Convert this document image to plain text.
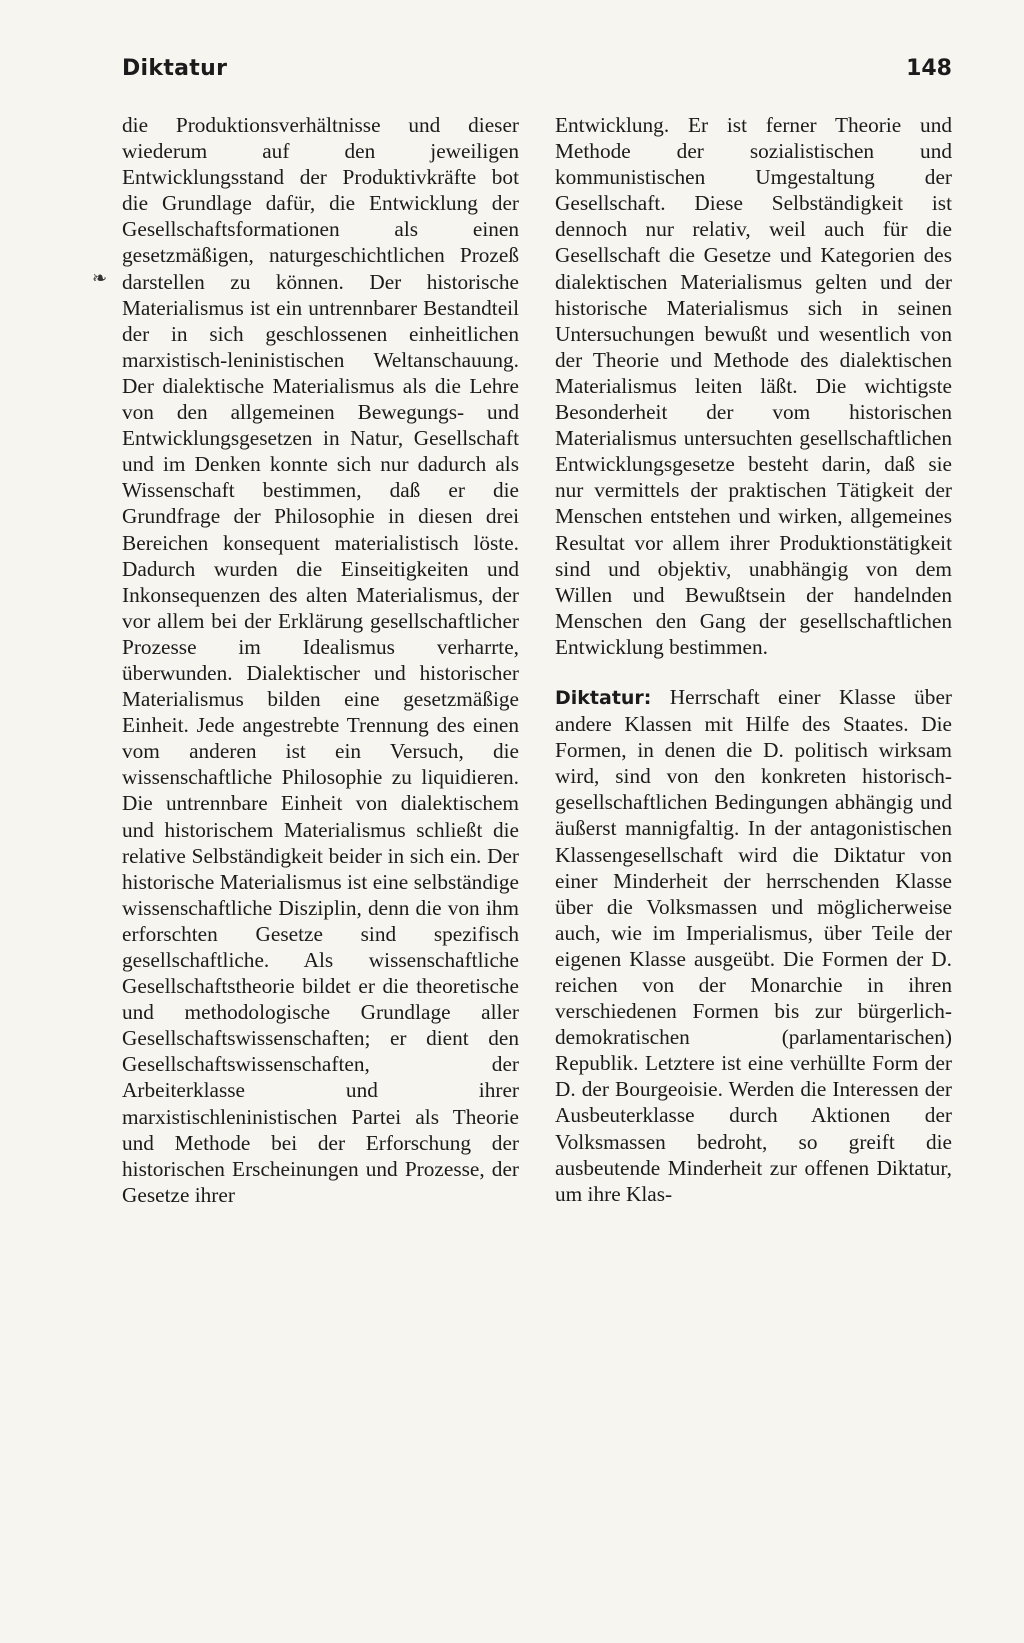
Diktatur	148
❧

die Produktionsverhältnisse und dieser wiederum auf den jeweiligen Entwicklungsstand der Produktivkräfte bot die Grundlage dafür, die Entwicklung der Gesellschaftsformationen als einen gesetzmäßigen, naturgeschichtlichen Prozeß darstellen zu können. Der historische Materialismus ist ein untrennbarer Bestandteil der in sich geschlossenen einheitlichen marxistisch-leninistischen Weltanschauung. Der dialektische Materialismus als die Lehre von den allgemeinen Bewegungs- und Entwicklungsgesetzen in Natur, Gesellschaft und im Denken konnte sich nur dadurch als Wissenschaft bestimmen, daß er die Grundfrage der Philosophie in diesen drei Bereichen konsequent materialistisch löste. Dadurch wurden die Einseitigkeiten und Inkonsequenzen des alten Materialismus, der vor allem bei der Erklärung gesellschaftlicher Prozesse im Idealismus verharrte, überwunden. Dialektischer und historischer Materialismus bilden eine gesetzmäßige Einheit. Jede angestrebte Trennung des einen vom anderen ist ein Versuch, die wissenschaftliche Philosophie zu liquidieren. Die untrennbare Einheit von dialektischem und historischem Materialismus schließt die relative Selbständigkeit beider in sich ein. Der historische Materialismus ist eine selbständige wissenschaftliche Disziplin, denn die von ihm erforschten Gesetze sind spezifisch gesellschaftliche. Als wissenschaftliche Gesellschaftstheorie bildet er die theoretische und methodologische Grundlage aller Gesellschaftswissenschaften; er dient den Gesellschaftswissenschaften, der Arbeiterklasse und ihrer marxistischleninistischen Partei als Theorie und Methode bei der Erforschung der historischen Erscheinungen und Prozesse, der Gesetze ihrer

Entwicklung. Er ist ferner Theorie und Methode der sozialistischen und kommunistischen Umgestaltung der Gesellschaft. Diese Selbständigkeit ist dennoch nur relativ, weil auch für die Gesellschaft die Gesetze und Kategorien des dialektischen Materialismus gelten und der historische Materialismus sich in seinen Untersuchungen bewußt und wesentlich von der Theorie und Methode des dialektischen Materialismus leiten läßt. Die wichtigste Besonderheit der vom historischen Materialismus untersuchten gesellschaftlichen Entwicklungsgesetze besteht darin, daß sie nur vermittels der praktischen Tätigkeit der Menschen entstehen und wirken, allgemeines Resultat vor allem ihrer Produktionstätigkeit sind und objektiv, unabhängig von dem Willen und Bewußtsein der handelnden Menschen den Gang der gesellschaftlichen Entwicklung bestimmen.

Diktatur: Herrschaft einer Klasse über andere Klassen mit Hilfe des Staates. Die Formen, in denen die D. politisch wirksam wird, sind von den konkreten historisch-gesellschaftlichen Bedingungen abhängig und äußerst mannigfaltig. In der antagonistischen Klassengesellschaft wird die Diktatur von einer Minderheit der herrschenden Klasse über die Volksmassen und möglicherweise auch, wie im Imperialismus, über Teile der eigenen Klasse ausgeübt. Die Formen der D. reichen von der Monarchie in ihren verschiedenen Formen bis zur bürgerlich-demokratischen (parlamentarischen) Republik. Letztere ist eine verhüllte Form der D. der Bourgeoisie. Werden die Interessen der Ausbeuterklasse durch Aktionen der Volksmassen bedroht, so greift die ausbeutende Minderheit zur offenen Diktatur, um ihre Klas-
